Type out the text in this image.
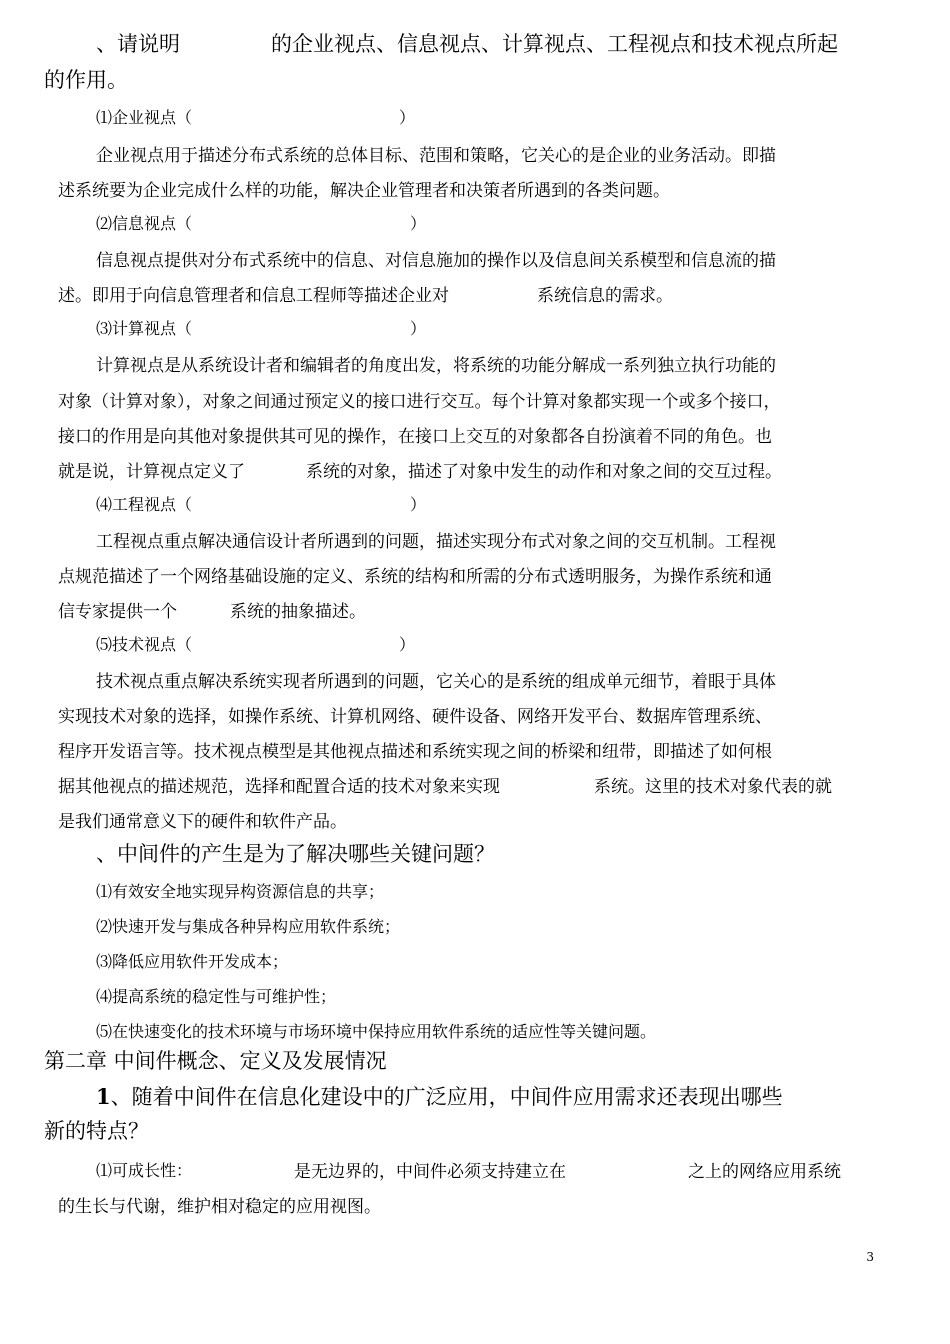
、请说明	的企业视点、信息视点、计算视点、工程视点和技术视点所起

的作用。

⑴企业视点（	）

企业视点用于描述分布式系统的总体目标、范围和策略，它关心的是企业的业务活动。即描

述系统要为企业完成什么样的功能，解决企业管理者和决策者所遇到的各类问题。

⑵信息视点（	）

信息视点提供对分布式系统中的信息、对信息施加的操作以及信息间关系模型和信息流的描

述。即用于向信息管理者和信息工程师等描述企业对	系统信息的需求。

⑶计算视点（	）

计算视点是从系统设计者和编辑者的角度出发，将系统的功能分解成一系列独立执行功能的

对象（计算对象），对象之间通过预定义的接口进行交互。每个计算对象都实现一个或多个接口，

接口的作用是向其他对象提供其可见的操作，在接口上交互的对象都各自扮演着不同的角色。也

就是说，计算视点定义了	系统的对象，描述了对象中发生的动作和对象之间的交互过程。

⑷工程视点（	）

工程视点重点解决通信设计者所遇到的问题，描述实现分布式对象之间的交互机制。工程视

点规范描述了一个网络基础设施的定义、系统的结构和所需的分布式透明服务，为操作系统和通

信专家提供一个	系统的抽象描述。

⑸技术视点（	）

技术视点重点解决系统实现者所遇到的问题，它关心的是系统的组成单元细节，着眼于具体

实现技术对象的选择，如操作系统、计算机网络、硬件设备、网络开发平台、数据库管理系统、

程序开发语言等。技术视点模型是其他视点描述和系统实现之间的桥梁和纽带，即描述了如何根

据其他视点的描述规范，选择和配置合适的技术对象来实现	系统。这里的技术对象代表的就

是我们通常意义下的硬件和软件产品。

、中间件的产生是为了解决哪些关键问题？

⑴有效安全地实现异构资源信息的共享；

⑵快速开发与集成各种异构应用软件系统；

⑶降低应用软件开发成本；

⑷提高系统的稳定性与可维护性；

⑸在快速变化的技术环境与市场环境中保持应用软件系统的适应性等关键问题。

第二章 中间件概念、定义及发展情况

1、随着中间件在信息化建设中的广泛应用，中间件应用需求还表现出哪些

新的特点？

⑴可成长性：	是无边界的，中间件必须支持建立在	之上的网络应用系统

的生长与代谢，维护相对稳定的应用视图。

3
